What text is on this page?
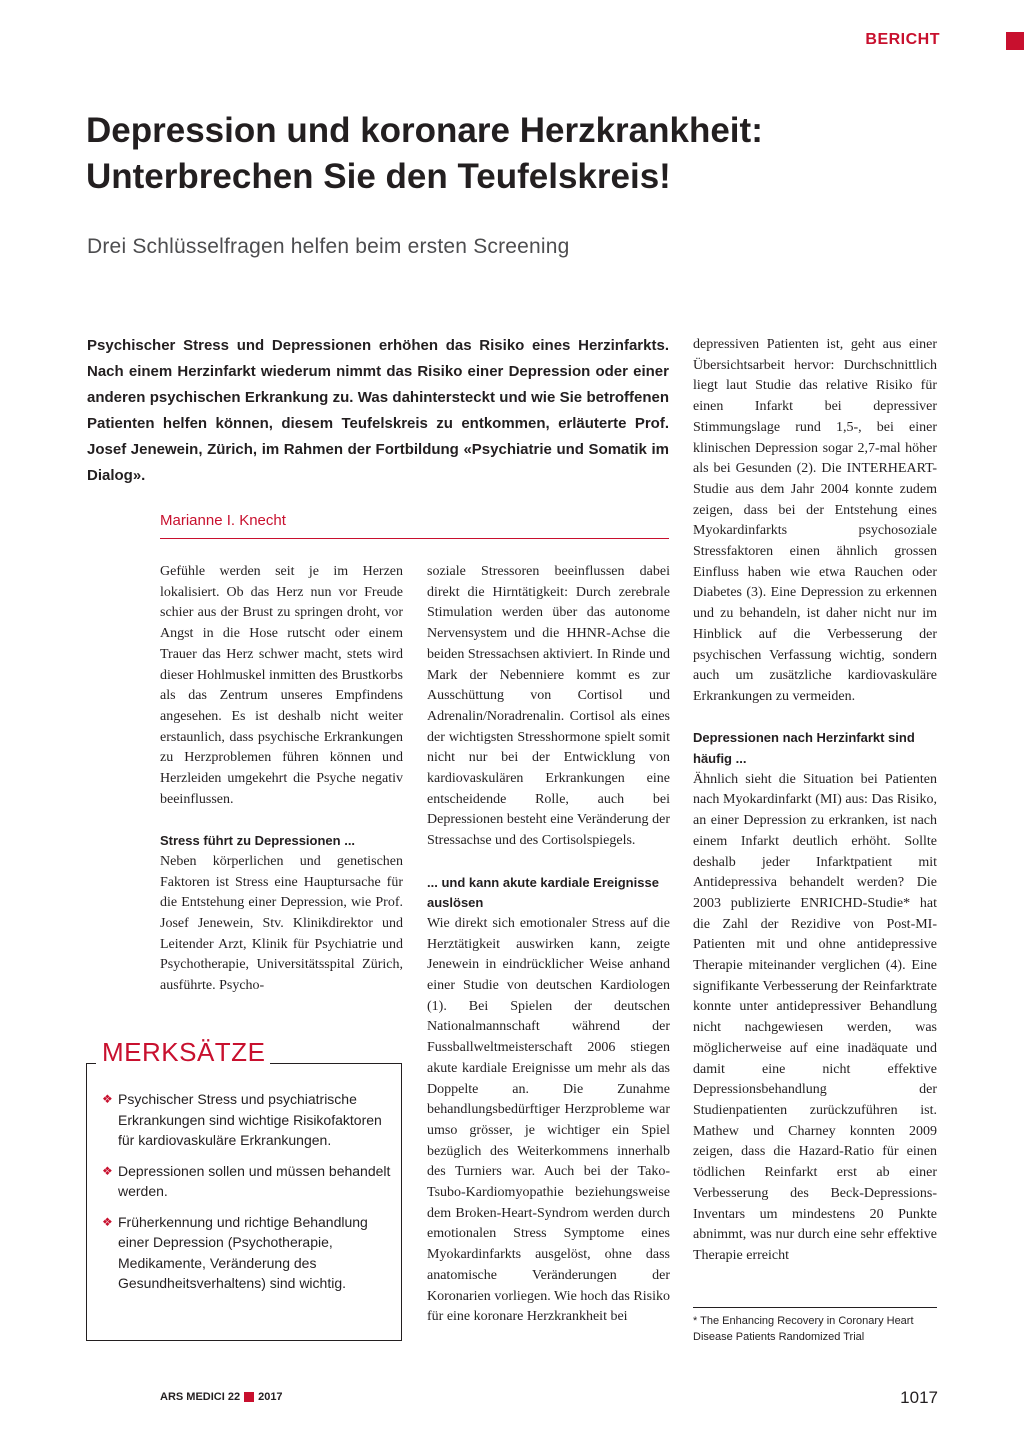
BERICHT
Depression und koronare Herzkrankheit:
Unterbrechen Sie den Teufelskreis!
Drei Schlüsselfragen helfen beim ersten Screening
Psychischer Stress und Depressionen erhöhen das Risiko eines Herzinfarkts. Nach einem Herzinfarkt wiederum nimmt das Risiko einer Depression oder einer anderen psychischen Erkrankung zu. Was dahintersteckt und wie Sie betroffenen Patienten helfen können, diesem Teufelskreis zu entkommen, erläuterte Prof. Josef Jenewein, Zürich, im Rahmen der Fortbildung «Psychiatrie und Somatik im Dialog».
Marianne I. Knecht

Gefühle werden seit je im Herzen lokalisiert. Ob das Herz nun vor Freude schier aus der Brust zu springen droht, vor Angst in die Hose rutscht oder einem Trauer das Herz schwer macht, stets wird dieser Hohlmuskel inmitten des Brustkorbs als das Zentrum unseres Empfindens angesehen. Es ist deshalb nicht weiter erstaunlich, dass psychische Erkrankungen zu Herzproblemen führen können und Herzleiden umgekehrt die Psyche negativ beeinflussen.

Stress führt zu Depressionen ...

Neben körperlichen und genetischen Faktoren ist Stress eine Hauptursache für die Entstehung einer Depression, wie Prof. Josef Jenewein, Stv. Klinikdirektor und Leitender Arzt, Klinik für Psychiatrie und Psychotherapie, Universitätsspital Zürich, ausführte. Psycho-

soziale Stressoren beeinflussen dabei direkt die Hirntätigkeit: Durch zerebrale Stimulation werden über das autonome Nervensystem und die HHNR-Achse die beiden Stressachsen aktiviert. In Rinde und Mark der Nebenniere kommt es zur Ausschüttung von Cortisol und Adrenalin/Noradrenalin. Cortisol als eines der wichtigsten Stresshormone spielt somit nicht nur bei der Entwicklung von kardiovaskulären Erkrankungen eine entscheidende Rolle, auch bei Depressionen besteht eine Veränderung der Stressachse und des Cortisolspiegels.

... und kann akute kardiale Ereignisse auslösen

Wie direkt sich emotionaler Stress auf die Herztätigkeit auswirken kann, zeigte Jenewein in eindrücklicher Weise anhand einer Studie von deutschen Kardiologen (1). Bei Spielen der deutschen Nationalmannschaft während der Fussballweltmeisterschaft 2006 stiegen akute kardiale Ereignisse um mehr als das Doppelte an. Die Zunahme behandlungsbedürftiger Herzprobleme war umso grösser, je wichtiger ein Spiel bezüglich des Weiterkommens innerhalb des Turniers war. Auch bei der Tako-Tsubo-Kardiomyopathie beziehungsweise dem Broken-Heart-Syndrom werden durch emotionalen Stress Symptome eines Myokardinfarkts ausgelöst, ohne dass anatomische Veränderungen der Koronarien vorliegen. Wie hoch das Risiko für eine koronare Herzkrankheit bei

depressiven Patienten ist, geht aus einer Übersichtsarbeit hervor: Durchschnittlich liegt laut Studie das relative Risiko für einen Infarkt bei depressiver Stimmungslage rund 1,5-, bei einer klinischen Depression sogar 2,7-mal höher als bei Gesunden (2). Die INTERHEART-Studie aus dem Jahr 2004 konnte zudem zeigen, dass bei der Entstehung eines Myokardinfarkts psychosoziale Stressfaktoren einen ähnlich grossen Einfluss haben wie etwa Rauchen oder Diabetes (3). Eine Depression zu erkennen und zu behandeln, ist daher nicht nur im Hinblick auf die Verbesserung der psychischen Verfassung wichtig, sondern auch um zusätzliche kardiovaskuläre Erkrankungen zu vermeiden.

Depressionen nach Herzinfarkt sind häufig ...

Ähnlich sieht die Situation bei Patienten nach Myokardinfarkt (MI) aus: Das Risiko, an einer Depression zu erkranken, ist nach einem Infarkt deutlich erhöht. Sollte deshalb jeder Infarktpatient mit Antidepressiva behandelt werden? Die 2003 publizierte ENRICHD-Studie* hat die Zahl der Rezidive von Post-MI-Patienten mit und ohne antidepressive Therapie miteinander verglichen (4). Eine signifikante Verbesserung der Reinfarktrate konnte unter antidepressiver Behandlung nicht nachgewiesen werden, was möglicherweise auf eine inadäquate und damit eine nicht effektive Depressionsbehandlung der Studienpatienten zurückzuführen ist. Mathew und Charney konnten 2009 zeigen, dass die Hazard-Ratio für einen tödlichen Reinfarkt erst ab einer Verbesserung des Beck-Depressions-Inventars um mindestens 20 Punkte abnimmt, was nur durch eine sehr effektive Therapie erreicht

MERKSÄTZE
❖ Psychischer Stress und psychiatrische Erkrankungen sind wichtige Risikofaktoren für kardiovaskuläre Erkrankungen.
❖ Depressionen sollen und müssen behandelt werden.
❖ Früherkennung und richtige Behandlung einer Depression (Psychotherapie, Medikamente, Veränderung des Gesundheitsverhaltens) sind wichtig.
* The Enhancing Recovery in Coronary Heart Disease Patients Randomized Trial
ARS MEDICI 22 2017	1017
